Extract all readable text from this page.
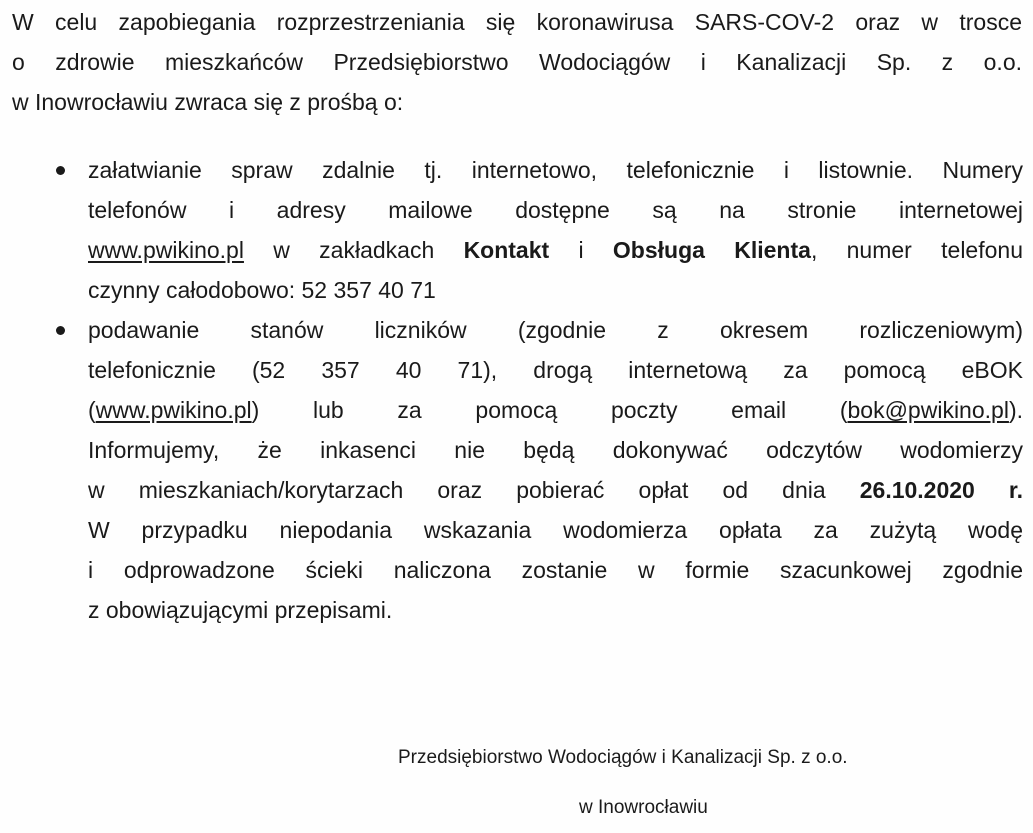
W celu zapobiegania rozprzestrzeniania się koronawirusa SARS-COV-2 oraz w trosce
o zdrowie mieszkańców Przedsiębiorstwo Wodociągów i Kanalizacji Sp. z o.o.
w Inowrocławiu zwraca się z prośbą o:
załatwianie spraw zdalnie tj. internetowo, telefonicznie i listownie. Numery
telefonów i adresy mailowe dostępne są na stronie internetowej
www.pwikino.pl w zakładkach Kontakt i Obsługa Klienta, numer telefonu
czynny całodobowo: 52 357 40 71
podawanie stanów liczników (zgodnie z okresem rozliczeniowym)
telefonicznie (52 357 40 71), drogą internetową za pomocą eBOK
(www.pwikino.pl) lub za pomocą poczty email (bok@pwikino.pl).
Informujemy, że inkasenci nie będą dokonywać odczytów wodomierzy
w mieszkaniach/korytarzach oraz pobierać opłat od dnia 26.10.2020 r.
W przypadku niepodania wskazania wodomierza opłata za zużytą wodę
i odprowadzone ścieki naliczona zostanie w formie szacunkowej zgodnie
z obowiązującymi przepisami.
Przedsiębiorstwo Wodociągów i Kanalizacji Sp. z o.o.
w Inowrocławiu
